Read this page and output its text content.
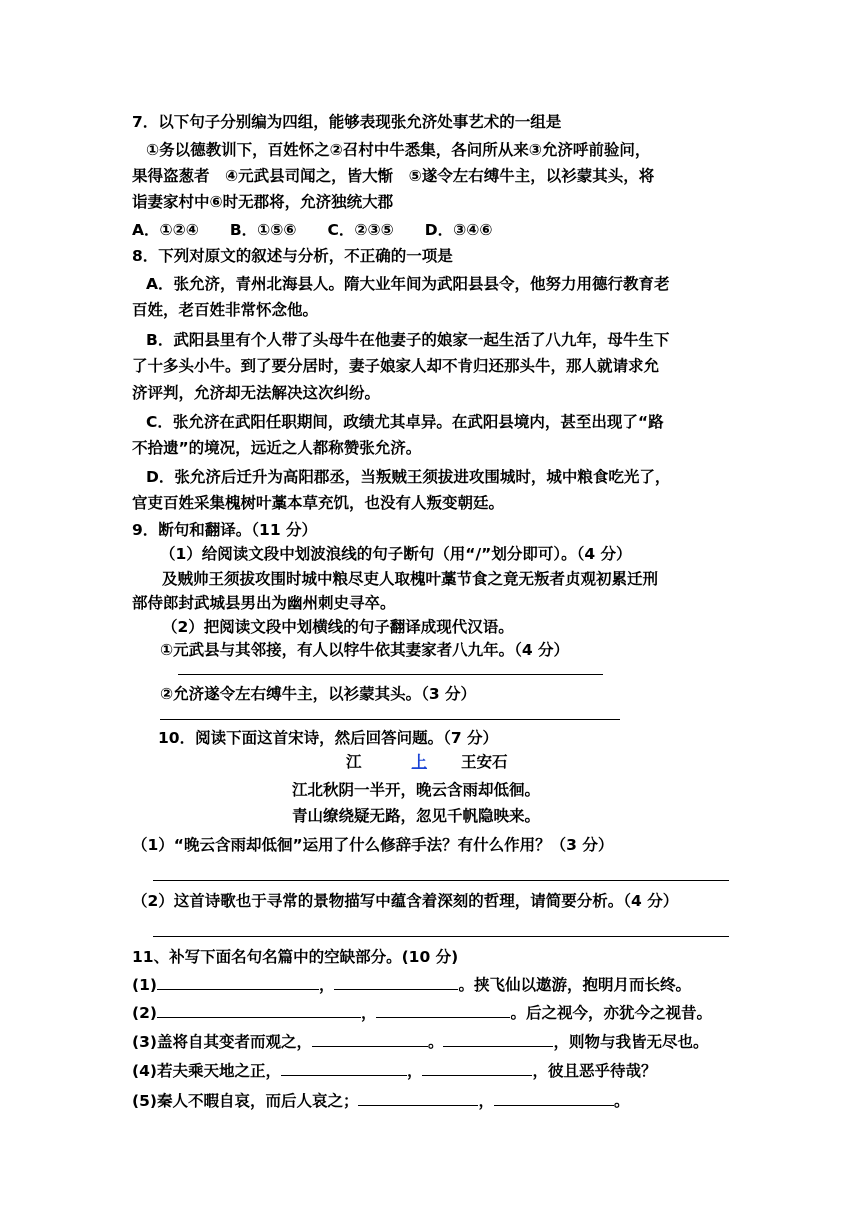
7．以下句子分别编为四组，能够表现张允济处事艺术的一组是
①务以德教训下，百姓怀之②召村中牛悉集，各问所从来③允济呼前验问，
果得盗葱者　④元武县司闻之，皆大惭　⑤遂令左右缚牛主，以衫蒙其头，将
诣妻家村中⑥时无郡将，允济独统大郡
A．①②④　　B．①⑤⑥　　C．②③⑤　　D．③④⑥
8．下列对原文的叙述与分析，不正确的一项是
A．张允济，青州北海县人。隋大业年间为武阳县县令，他努力用德行教育老
百姓，老百姓非常怀念他。
B．武阳县里有个人带了头母牛在他妻子的娘家一起生活了八九年，母牛生下
了十多头小牛。到了要分居时，妻子娘家人却不肯归还那头牛，那人就请求允
济评判，允济却无法解决这次纠纷。
C．张允济在武阳任职期间，政绩尤其卓异。在武阳县境内，甚至出现了“路
不拾遗”的境况，远近之人都称赞张允济。
D．张允济后迁升为高阳郡丞，当叛贼王须拔进攻围城时，城中粮食吃光了，
官吏百姓采集槐树叶藁本草充饥，也没有人叛变朝廷。
9．断句和翻译。（11 分）
（1）给阅读文段中划波浪线的句子断句（用“/”划分即可）。（4 分）
及贼帅王须拔攻围时城中粮尽吏人取槐叶藁节食之竟无叛者贞观初累迁刑
部侍郎封武城县男出为幽州刺史寻卒。
（2）把阅读文段中划横线的句子翻译成现代汉语。
①元武县与其邻接，有人以牸牛依其妻家者八九年。（4 分）
②允济遂令左右缚牛主，以衫蒙其头。（3 分）
10．阅读下面这首宋诗，然后回答问题。（7 分）
江	上 王安石
江北秋阴一半开，晚云含雨却低徊。
青山缭绕疑无路，忽见千帆隐映来。
（1）“晚云含雨却低徊”运用了什么修辞手法？有什么作用？（3 分）
（2）这首诗歌也于寻常的景物描写中蕴含着深刻的哲理，请简要分析。（4 分）
11、补写下面名句名篇中的空缺部分。(10 分)
(1)	，	。挟飞仙以遨游，抱明月而长终。
(2)	，	。后之视今，亦犹今之视昔。
(3)盖将自其变者而观之，	。	，则物与我皆无尽也。
(4)若夫乘天地之正，	，	，彼且恶乎待哉？
(5)秦人不暇自哀，而后人哀之；	，	。
